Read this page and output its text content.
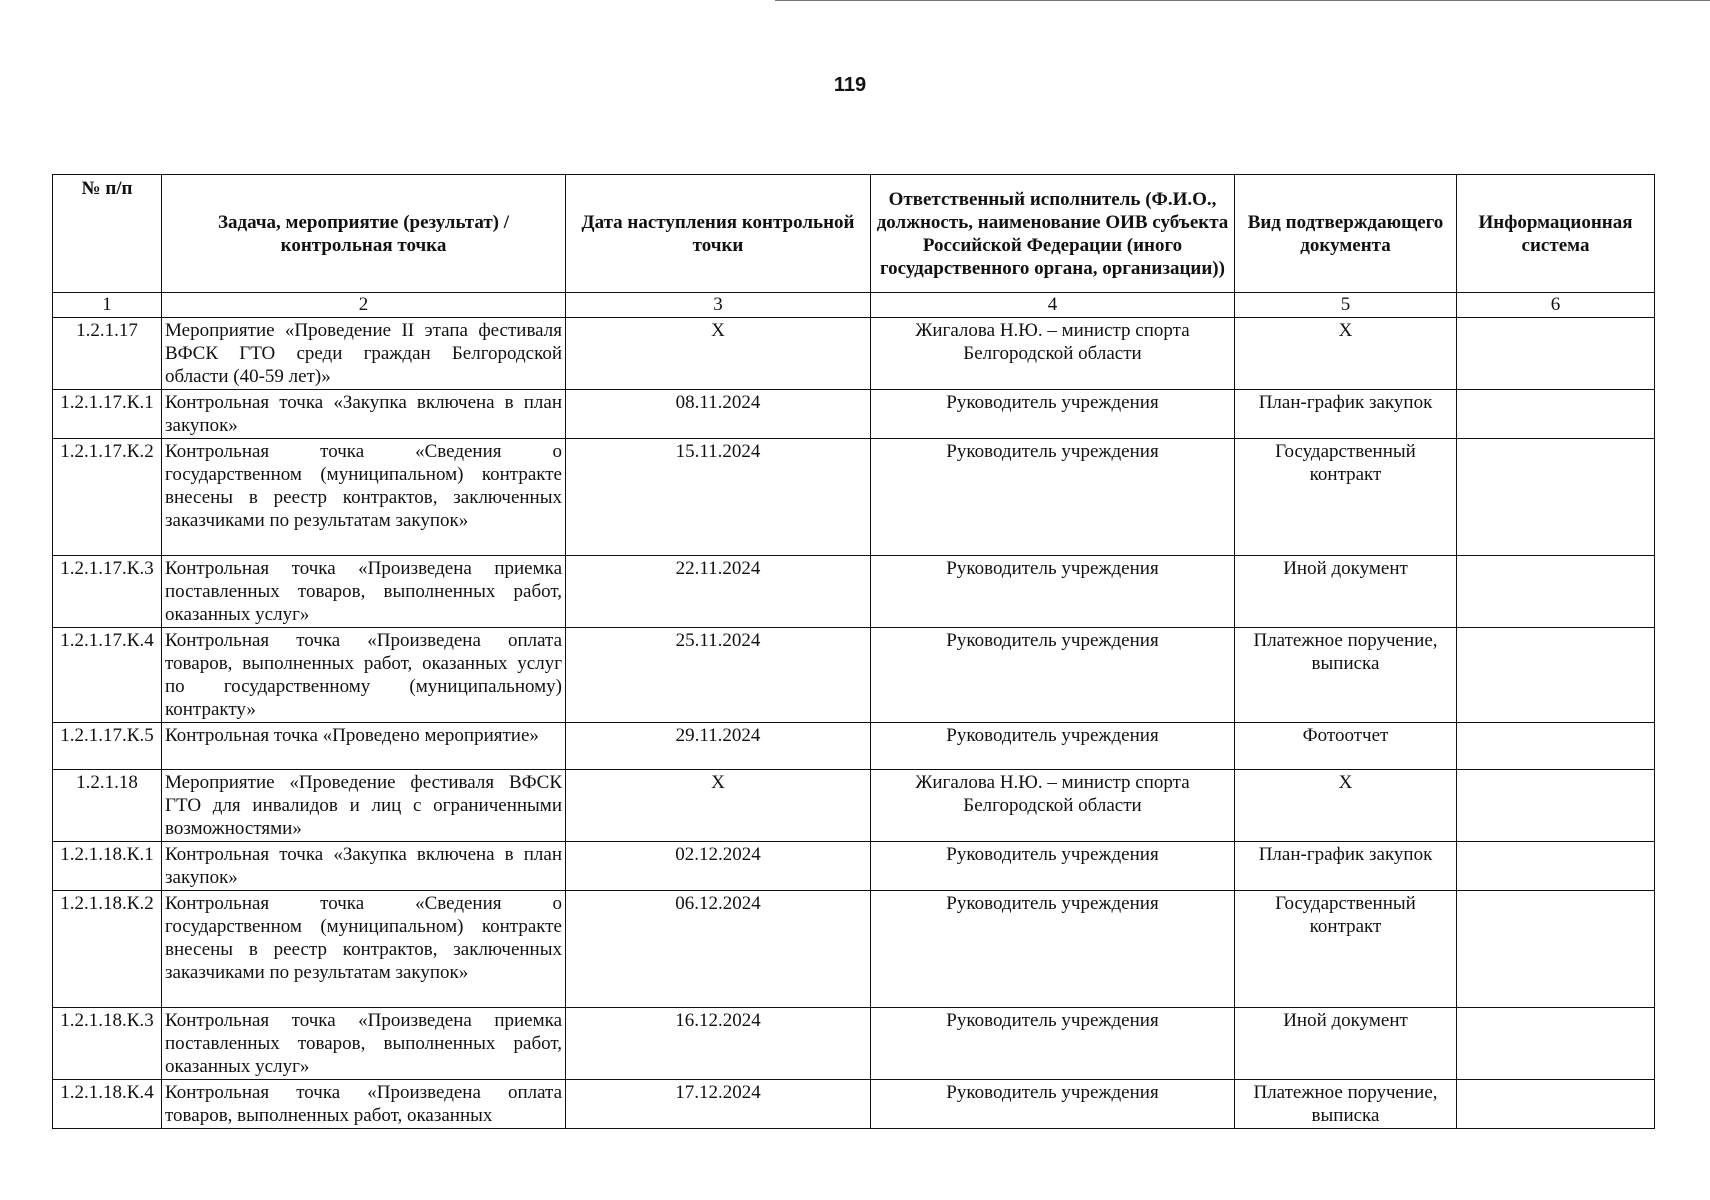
119
№ п/п	Задача, мероприятие (результат) / контрольная точка	Дата наступления контрольной точки	Ответственный исполнитель (Ф.И.О., должность, наименование ОИВ субъекта Российской Федерации (иного государственного органа, организации))	Вид подтверждающего документа	Информационная система
1	2	3	4	5	6
1.2.1.17	Мероприятие «Проведение II этапа фестиваля ВФСК ГТО среди граждан Белгородской области (40-59 лет)»	X	Жигалова Н.Ю. – министр спорта Белгородской области	X	
1.2.1.17.К.1	Контрольная точка «Закупка включена в план закупок»	08.11.2024	Руководитель учреждения	План-график закупок	
1.2.1.17.К.2	Контрольная точка «Сведения о государственном (муниципальном) контракте внесены в реестр контрактов, заключенных заказчиками по результатам закупок»	15.11.2024	Руководитель учреждения	Государственный контракт	
1.2.1.17.К.3	Контрольная точка «Произведена приемка поставленных товаров, выполненных работ, оказанных услуг»	22.11.2024	Руководитель учреждения	Иной документ	
1.2.1.17.К.4	Контрольная точка «Произведена оплата товаров, выполненных работ, оказанных услуг по государственному (муниципальному) контракту»	25.11.2024	Руководитель учреждения	Платежное поручение, выписка	
1.2.1.17.К.5	Контрольная точка «Проведено мероприятие»	29.11.2024	Руководитель учреждения	Фотоотчет	
1.2.1.18	Мероприятие «Проведение фестиваля ВФСК ГТО для инвалидов и лиц с ограниченными возможностями»	X	Жигалова Н.Ю. – министр спорта Белгородской области	X	
1.2.1.18.К.1	Контрольная точка «Закупка включена в план закупок»	02.12.2024	Руководитель учреждения	План-график закупок	
1.2.1.18.К.2	Контрольная точка «Сведения о государственном (муниципальном) контракте внесены в реестр контрактов, заключенных заказчиками по результатам закупок»	06.12.2024	Руководитель учреждения	Государственный контракт	
1.2.1.18.К.3	Контрольная точка «Произведена приемка поставленных товаров, выполненных работ, оказанных услуг»	16.12.2024	Руководитель учреждения	Иной документ	
1.2.1.18.К.4	Контрольная точка «Произведена оплата товаров, выполненных работ, оказанных	17.12.2024	Руководитель учреждения	Платежное поручение, выписка	
